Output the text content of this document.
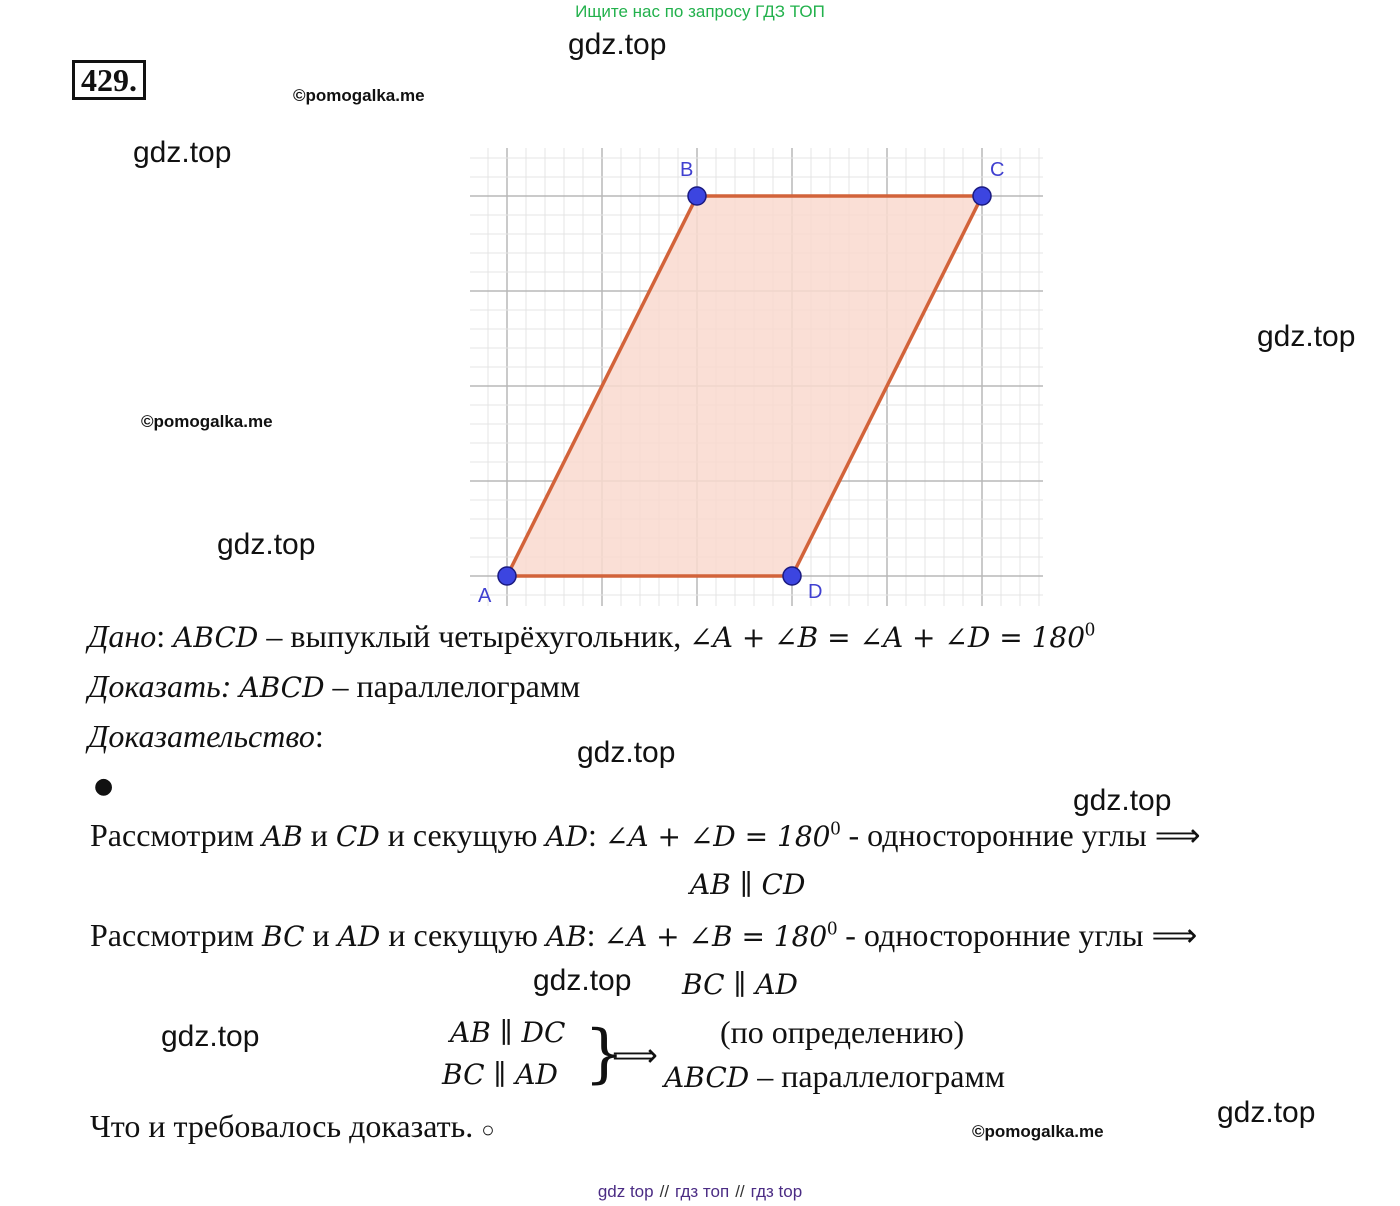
Ищите нас по запросу ГДЗ ТОП
429.
gdz.top
©pomogalka.me
gdz.top
gdz.top
©pomogalka.me
gdz.top
gdz.top
gdz.top
gdz.top
gdz.top
gdz.top
©pomogalka.me
A
B	C
D
Дано: ABCD – выпуклый четырёхугольник, ∠A + ∠B = ∠A + ∠D = $180^0$
Доказать: ABCD – параллелограмм
Доказательство:
●
Рассмотрим AB и CD и секущую AD: ∠A + ∠D = $180^0$ - односторонние углы ⟹
AB ∥ CD
Рассмотрим BC и AD и секущую AB: ∠A + ∠B = $180^0$ - односторонние углы ⟹
BC ∥ AD
AB ∥ DC
BC ∥ AD }
⟹
(по определению)
ABCD – параллелограмм
Что и требовалось доказать. ○
gdz top // гдз топ // гдз top
